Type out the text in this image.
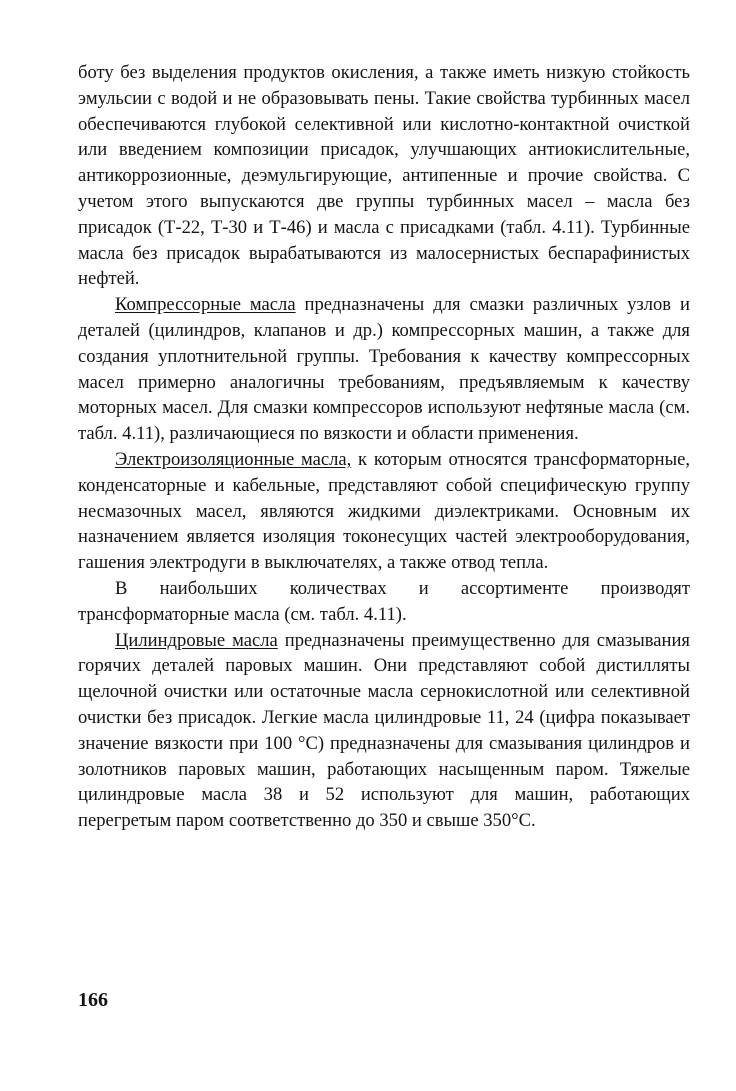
боту без выделения продуктов окисления, а также иметь низкую стойкость эмульсии с водой и не образовывать пены. Такие свойства турбинных масел обеспечиваются глубокой селективной или кислотно-контактной очисткой или введением композиции присадок, улучшающих антиокислительные, антикоррозионные, деэмульгирующие, антипенные и прочие свойства. С учетом этого выпускаются две группы турбинных масел – масла без присадок (Т-22, Т-30 и Т-46) и масла с присадками (табл. 4.11). Турбинные масла без присадок вырабатываются из малосернистых беспарафинистых нефтей.

Компрессорные масла предназначены для смазки различных узлов и деталей (цилиндров, клапанов и др.) компрессорных машин, а также для создания уплотнительной группы. Требования к качеству компрессорных масел примерно аналогичны требованиям, предъявляемым к качеству моторных масел. Для смазки компрессоров используют нефтяные масла (см. табл. 4.11), различающиеся по вязкости и области применения.

Электроизоляционные масла, к которым относятся трансформаторные, конденсаторные и кабельные, представляют собой специфическую группу несмазочных масел, являются жидкими диэлектриками. Основным их назначением является изоляция токонесущих частей электрооборудования, гашения электродуги в выключателях, а также отвод тепла.

В наибольших количествах и ассортименте производят трансформаторные масла (см. табл. 4.11).

Цилиндровые масла предназначены преимущественно для смазывания горячих деталей паровых машин. Они представляют собой дистилляты щелочной очистки или остаточные масла сернокислотной или селективной очистки без присадок. Легкие масла цилиндровые 11, 24 (цифра показывает значение вязкости при 100 °С) предназначены для смазывания цилиндров и золотников паровых машин, работающих насыщенным паром. Тяжелые цилиндровые масла 38 и 52 используют для машин, работающих перегретым паром соответственно до 350 и свыше 350°С.

166
